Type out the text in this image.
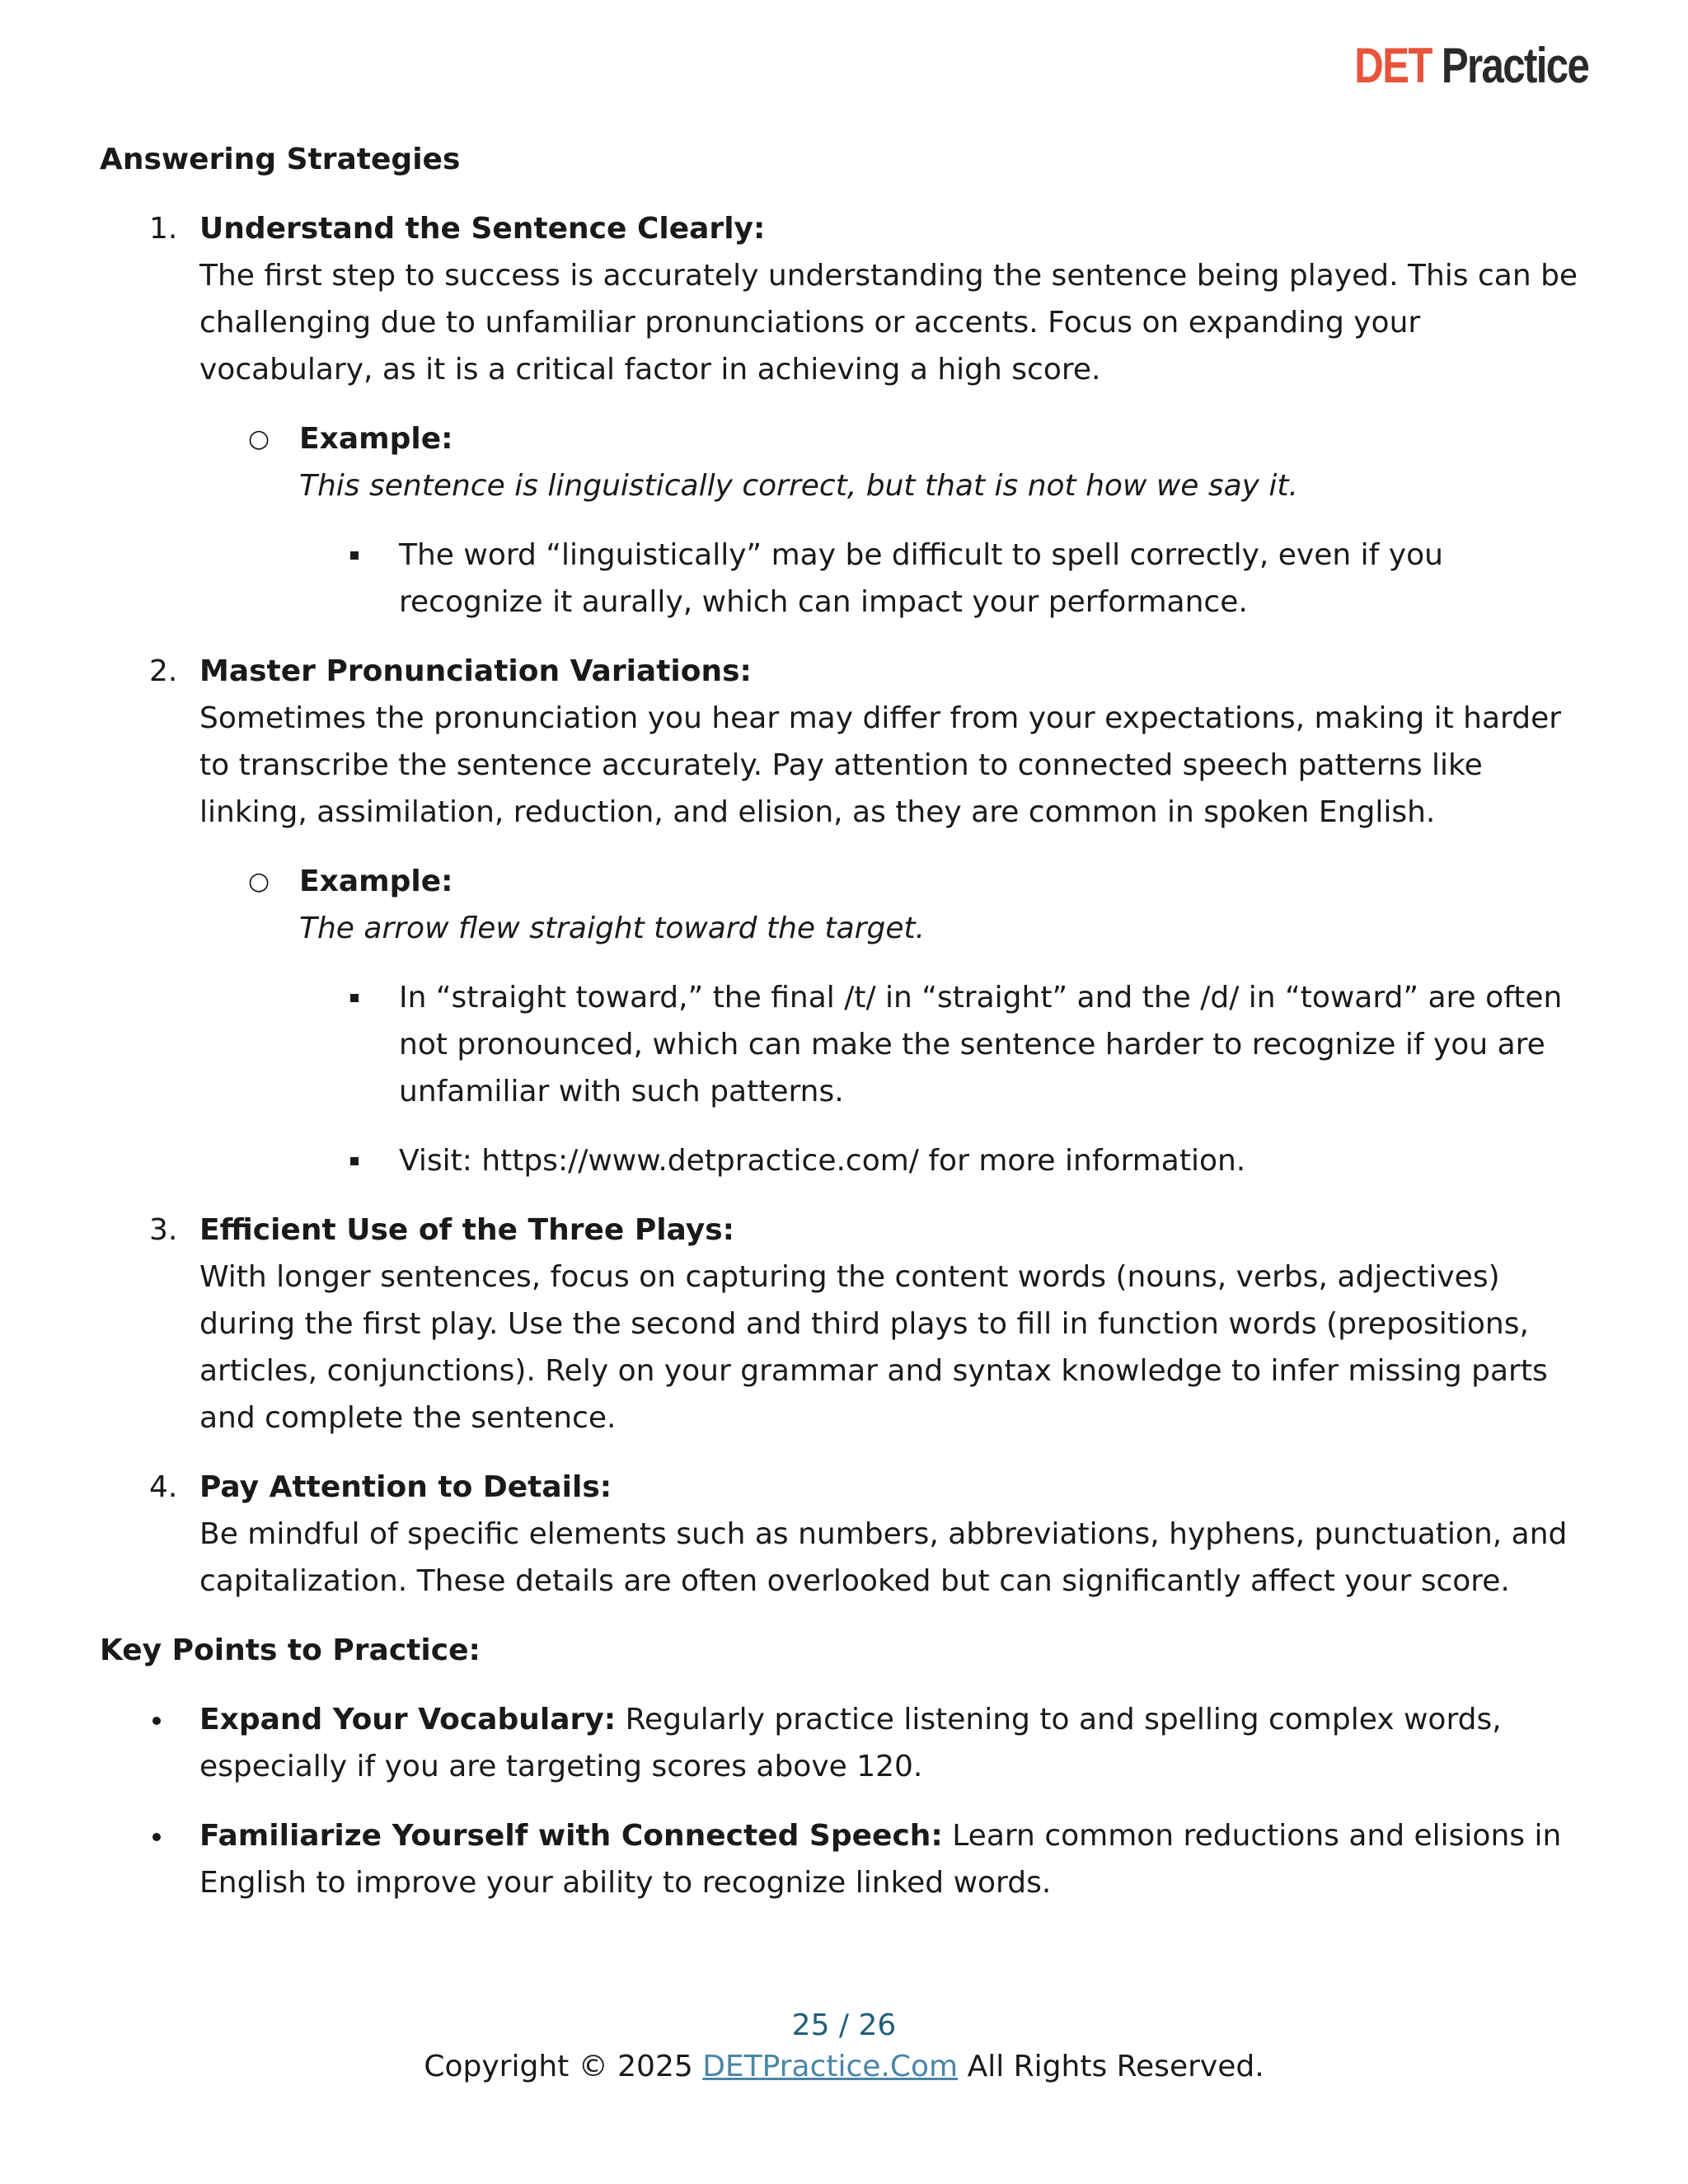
DET Practice
Answering Strategies
1. Understand the Sentence Clearly:

The first step to success is accurately understanding the sentence being played. This can be challenging due to unfamiliar pronunciations or accents. Focus on expanding your vocabulary, as it is a critical factor in achieving a high score.

○ Example:
This sentence is linguistically correct, but that is not how we say it.
The word “linguistically” may be difficult to spell correctly, even if you recognize it aurally, which can impact your performance.
2. Master Pronunciation Variations:

Sometimes the pronunciation you hear may differ from your expectations, making it harder to transcribe the sentence accurately. Pay attention to connected speech patterns like linking, assimilation, reduction, and elision, as they are common in spoken English.

○ Example:
The arrow flew straight toward the target.
In “straight toward,” the final /t/ in “straight” and the /d/ in “toward” are often not pronounced, which can make the sentence harder to recognize if you are unfamiliar with such patterns.
Visit: https://www.detpractice.com/ for more information.
3. Efficient Use of the Three Plays:

With longer sentences, focus on capturing the content words (nouns, verbs, adjectives) during the first play. Use the second and third plays to fill in function words (prepositions, articles, conjunctions). Rely on your grammar and syntax knowledge to infer missing parts and complete the sentence.

4. Pay Attention to Details:

Be mindful of specific elements such as numbers, abbreviations, hyphens, punctuation, and capitalization. These details are often overlooked but can significantly affect your score.

Key Points to Practice:
Expand Your Vocabulary: Regularly practice listening to and spelling complex words, especially if you are targeting scores above 120.
Familiarize Yourself with Connected Speech: Learn common reductions and elisions in English to improve your ability to recognize linked words.
25 / 26
Copyright © 2025 DETPractice.Com All Rights Reserved.
